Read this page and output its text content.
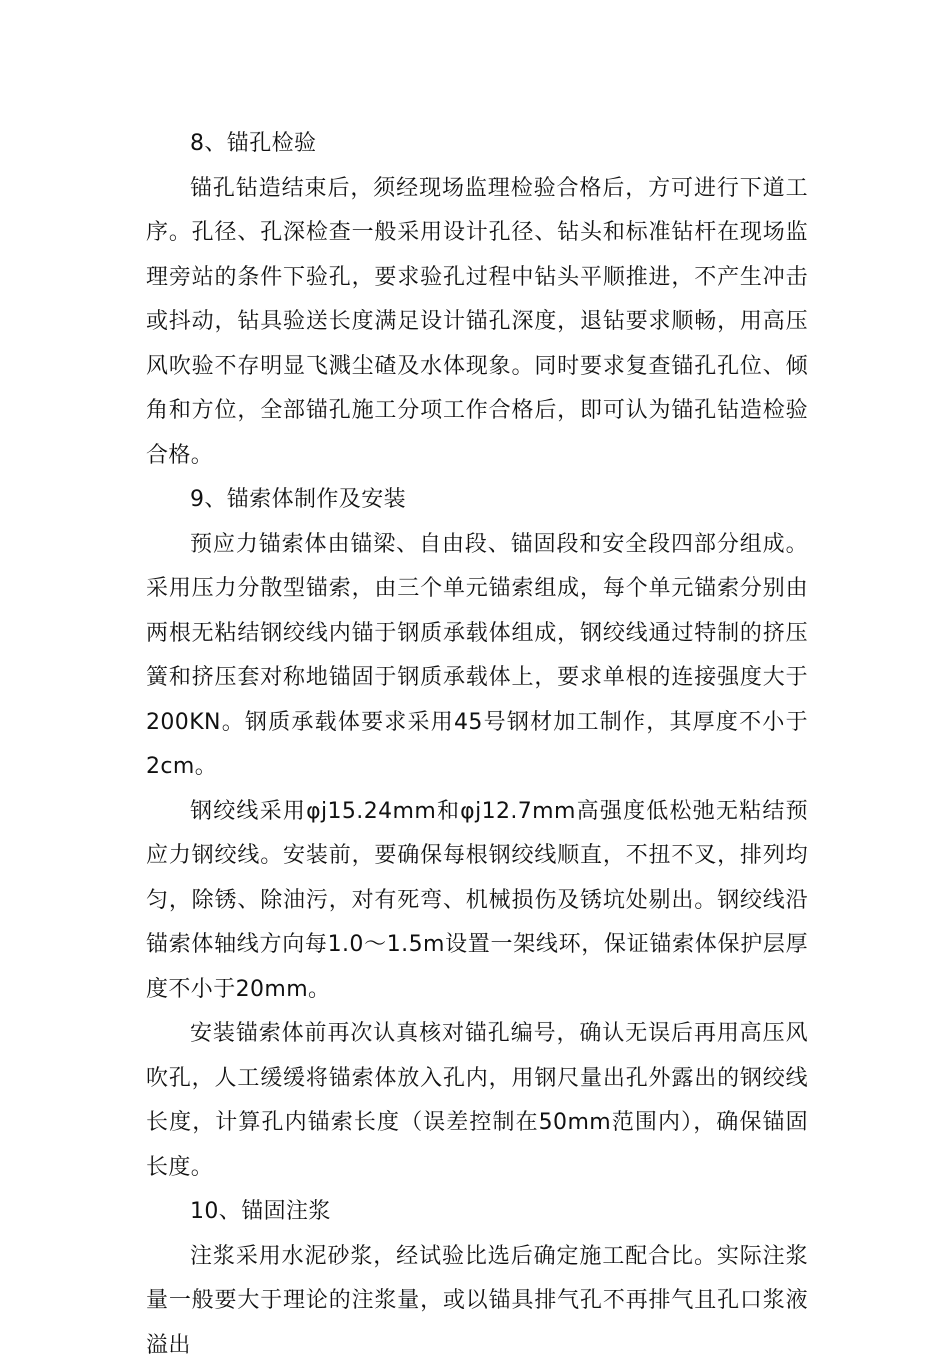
8、锚孔检验

锚孔钻造结束后，须经现场监理检验合格后，方可进行下道工序。孔径、孔深检查一般采用设计孔径、钻头和标准钻杆在现场监理旁站的条件下验孔，要求验孔过程中钻头平顺推进，不产生冲击或抖动，钻具验送长度满足设计锚孔深度，退钻要求顺畅，用高压风吹验不存明显飞溅尘碴及水体现象。同时要求复查锚孔孔位、倾角和方位，全部锚孔施工分项工作合格后，即可认为锚孔钻造检验合格。

9、锚索体制作及安装

预应力锚索体由锚梁、自由段、锚固段和安全段四部分组成。采用压力分散型锚索，由三个单元锚索组成，每个单元锚索分别由两根无粘结钢绞线内锚于钢质承载体组成，钢绞线通过特制的挤压簧和挤压套对称地锚固于钢质承载体上，要求单根的连接强度大于200KN。钢质承载体要求采用45号钢材加工制作，其厚度不小于2cm。

钢绞线采用φj15.24mm和φj12.7mm高强度低松弛无粘结预应力钢绞线。安装前，要确保每根钢绞线顺直，不扭不叉，排列均匀，除锈、除油污，对有死弯、机械损伤及锈坑处剔出。钢绞线沿锚索体轴线方向每1.0～1.5m设置一架线环，保证锚索体保护层厚度不小于20mm。

安装锚索体前再次认真核对锚孔编号，确认无误后再用高压风吹孔，人工缓缓将锚索体放入孔内，用钢尺量出孔外露出的钢绞线长度，计算孔内锚索长度（误差控制在50mm范围内），确保锚固长度。

10、锚固注浆

注浆采用水泥砂浆，经试验比选后确定施工配合比。实际注浆量一般要大于理论的注浆量，或以锚具排气孔不再排气且孔口浆液溢出
